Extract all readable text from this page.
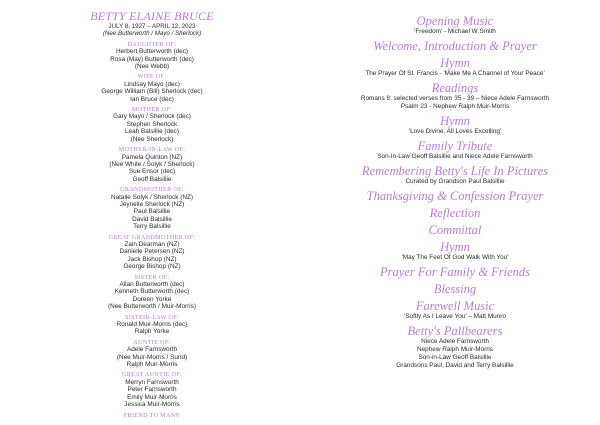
BETTY ELAINE BRUCE
JULY 8, 1927 – APRIL 12, 2023
(Nee Butterworth / Mayo / Sherlock)
DAUGHTER OF:
Herbert Butterworth (dec)
Rosa (May) Butterworth (dec)
(Nee Webb)
WIFE OF:
Lindsay Mayo (dec)
George William (Bill) Sherlock (dec)
Ian Bruce (dec)
MOTHER OF:
Gary Mayo / Sherlock (dec)
Stephen Sherlock
Leah Balsillie (dec)
(Nee Sherlock)
MOTHER-IN-LAW OF:
Pamela Quinton (NZ)
(Nee White / Solyk / Sherlock)
Sue Ensor (dec)
Geoff Balsillie
GRANDMOTHER OF:
Natalie Solyk / Sherlock (NZ)
Jeynelle Sherlock (NZ)
Paul Balsillie
David Balsillie
Terry Balsillie
GREAT GRANDMOTHER OF:
Zain Dearman (NZ)
Danielle Petersen (NZ)
Jack Bishop (NZ)
George Bishop (NZ)
SISTER OF:
Allan Butterworth (dec)
Kenneth Butterworth (dec)
Doreen Yorke
(Nee Butterworth / Muir-Morris)
SISTEIR-LAW OF:
Ronald Muir-Morris (dec)
Ralph Yorke
AUNTIE OF:
Adele Farnsworth
(Nee Muir-Morris / Sund)
Ralph Muir-Morris
GREAT AUNTIE OF:
Merryn Farnsworth
Peter Farnsworth
Emily Muir-Morris
Jessica Muir-Morris
FRIEND TO MANY
Opening Music
'Freedom' - Michael W Smith
Welcome, Introduction & Prayer
Hymn
The Prayer Of St. Francis - 'Make Me A Channel of Your Peace'
Readings
Romans 8: selected verses from 35 - 39 – Niece Adele Farnsworth
Psalm 23 - Nephew Ralph Muir-Morris
Hymn
'Love Divine, All Loves Excelling'
Family Tribute
Son-In-Law Geoff Balsillie and Niece Adele Farnsworth
Remembering Betty's Life In Pictures
Curated by Grandson Paul Balsillie
Thanksgiving & Confession Prayer
Reflection
Committal
Hymn
'May The Feet Of God Walk With You'
Prayer For Family & Friends
Blessing
Farewell Music
'Softly As I Leave You' – Matt Munro
Betty's Pallbearers
Niece Adele Farnsworth
Nephew Ralph Muir-Morris
Son-in-Law Geoff Balsillie
Grandsons Paul, David and Terry Balsillie
